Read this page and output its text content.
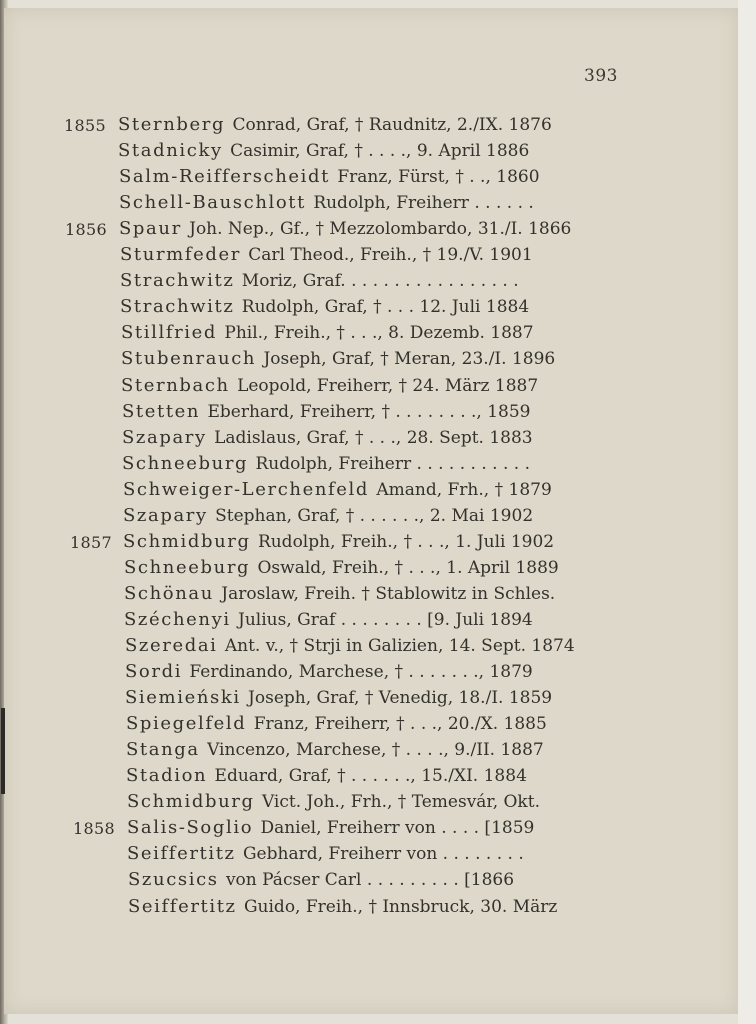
393
1855 Sternberg Conrad, Graf, † Raudnitz, 2./IX. 1876
Stadnicky Casimir, Graf, † . . . ., 9. April 1886
Salm-Reifferscheidt Franz, Fürst, † . ., 1860
Schell-Bauschlott Rudolph, Freiherr . . . . . .
1856 Spaur Joh. Nep., Gf., † Mezzolombardo, 31./I. 1866
Sturmfeder Carl Theod., Freih., † 19./V. 1901
Strachwitz Moriz, Graf. . . . . . . . . . . . . . . . .
Strachwitz Rudolph, Graf, † . . . 12. Juli 1884
Stillfried Phil., Freih., † . . ., 8. Dezemb. 1887
Stubenrauch Joseph, Graf, † Meran, 23./I. 1896
Sternbach Leopold, Freiherr, † 24. März 1887
Stetten Eberhard, Freiherr, † . . . . . . . ., 1859
Szapary Ladislaus, Graf, † . . ., 28. Sept. 1883
Schneeburg Rudolph, Freiherr . . . . . . . . . . .
Schweiger-Lerchenfeld Amand, Frh., † 1879
Szapary Stephan, Graf, † . . . . . ., 2. Mai 1902
1857 Schmidburg Rudolph, Freih., † . . ., 1. Juli 1902
Schneeburg Oswald, Freih., † . . ., 1. April 1889
Schönau Jaroslaw, Freih. † Stablowitz in Schles.
Széchenyi Julius, Graf . . . . . . . . [9. Juli 1894
Szeredai Ant. v., † Strji in Galizien, 14. Sept. 1874
Sordi Ferdinando, Marchese, † . . . . . . ., 1879
Siemieński Joseph, Graf, † Venedig, 18./I. 1859
Spiegelfeld Franz, Freiherr, † . . ., 20./X. 1885
Stanga Vincenzo, Marchese, † . . . ., 9./II. 1887
Stadion Eduard, Graf, † . . . . . ., 15./XI. 1884
Schmidburg Vict. Joh., Frh., † Temesvár, Okt.
1858 Salis-Soglio Daniel, Freiherr von . . . . [1859
Seiffertitz Gebhard, Freiherr von . . . . . . . .
Szucsics von Pácser Carl . . . . . . . . . [1866
Seiffertitz Guido, Freih., † Innsbruck, 30. März
